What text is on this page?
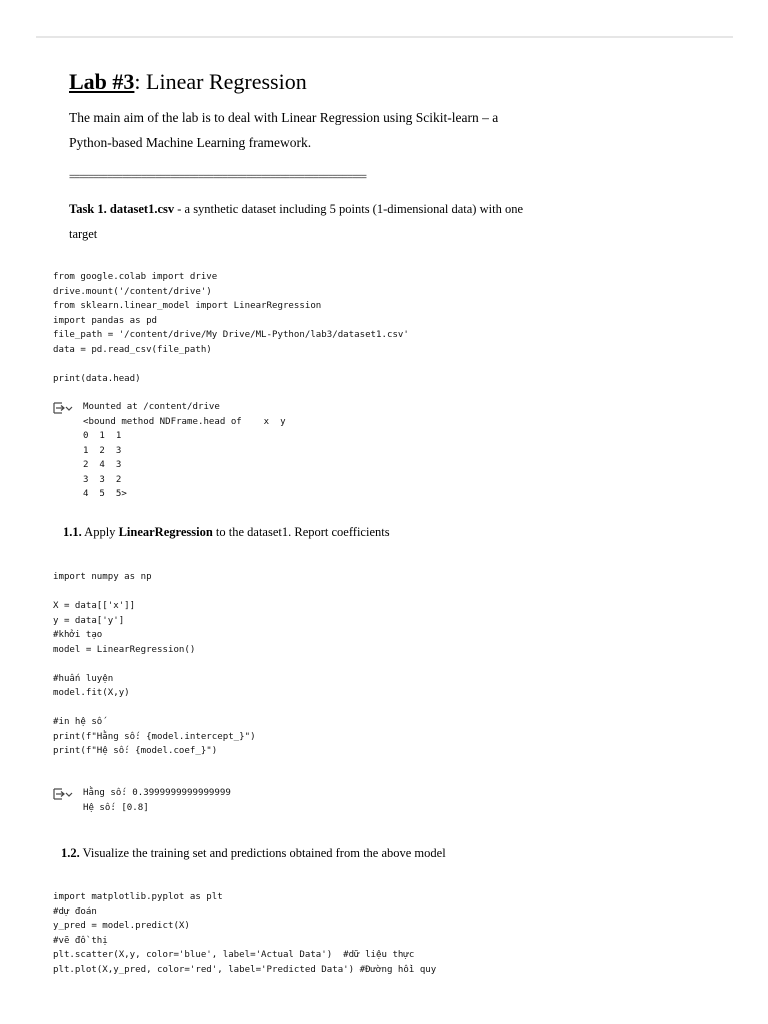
Lab #3: Linear Regression

The main aim of the lab is to deal with Linear Regression using Scikit-learn – a Python-based Machine Learning framework.

==============================================================

Task 1. dataset1.csv - a synthetic dataset including 5 points (1-dimensional data) with one target

from google.colab import drive
drive.mount('/content/drive')
from sklearn.linear_model import LinearRegression
import pandas as pd
file_path = '/content/drive/My Drive/ML-Python/lab3/dataset1.csv'
data = pd.read_csv(file_path)

print(data.head)
Mounted at /content/drive
<bound method NDFrame.head of    x  y
0  1  1
1  2  3
2  4  3
3  3  2
4  5  5>

1.1. Apply LinearRegression to the dataset1. Report coefficients

import numpy as np

X = data[['x']]
y = data['y']
#khởi tạo
model = LinearRegression()

#huấn luyện
model.fit(X,y)

#in hệ số
print(f"Hằng số: {model.intercept_}")
print(f"Hệ số: {model.coef_}")
Hằng số: 0.3999999999999999
Hệ số: [0.8]

1.2. Visualize the training set and predictions obtained from the above model

import matplotlib.pyplot as plt
#dự đoán
y_pred = model.predict(X)
#vẽ đồ thị
plt.scatter(X,y, color='blue', label='Actual Data')  #dữ liệu thực
plt.plot(X,y_pred, color='red', label='Predicted Data') #Đường hồi quy
